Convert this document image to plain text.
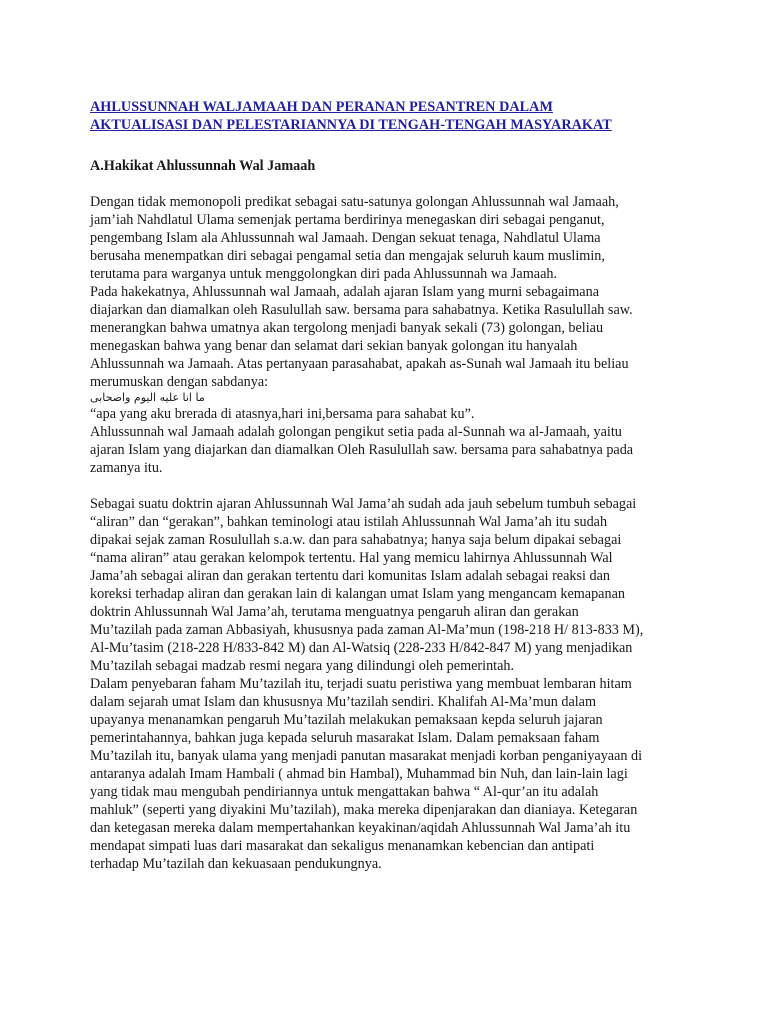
AHLUSSUNNAH WALJAMAAH DAN PERANAN PESANTREN DALAM
AKTUALISASI DAN PELESTARIANNYA DI TENGAH-TENGAH MASYARAKAT
A.Hakikat Ahlussunnah Wal Jamaah
Dengan tidak memonopoli predikat sebagai satu-satunya golongan Ahlussunnah wal Jamaah,
jam’iah Nahdlatul Ulama semenjak pertama berdirinya menegaskan diri sebagai penganut,
pengembang Islam ala Ahlussunnah wal Jamaah. Dengan sekuat tenaga, Nahdlatul Ulama
berusaha menempatkan diri sebagai pengamal setia dan mengajak seluruh kaum muslimin,
terutama para warganya untuk menggolongkan diri pada Ahlussunnah wa Jamaah.
Pada hakekatnya, Ahlussunnah wal Jamaah, adalah ajaran Islam yang murni sebagaimana
diajarkan dan diamalkan oleh Rasulullah saw. bersama para sahabatnya. Ketika Rasulullah saw.
menerangkan bahwa umatnya akan tergolong menjadi banyak sekali (73) golongan, beliau
menegaskan bahwa yang benar dan selamat dari sekian banyak golongan itu hanyalah
Ahlussunnah wa Jamaah. Atas pertanyaan parasahabat, apakah as-Sunah wal Jamaah itu beliau
merumuskan dengan sabdanya:
ما انا عليه اليوم واصحابى
“apa yang aku brerada di atasnya,hari ini,bersama para sahabat ku”.
Ahlussunnah wal Jamaah adalah golongan pengikut setia pada al-Sunnah wa al-Jamaah, yaitu
ajaran Islam yang diajarkan dan diamalkan Oleh Rasulullah saw. bersama para sahabatnya pada
zamanya itu.
Sebagai suatu doktrin ajaran Ahlussunnah Wal Jama’ah sudah ada jauh sebelum tumbuh sebagai
“aliran” dan “gerakan”, bahkan teminologi atau istilah Ahlussunnah Wal Jama’ah itu sudah
dipakai sejak zaman Rosulullah s.a.w. dan para sahabatnya; hanya saja belum dipakai sebagai
“nama aliran” atau gerakan kelompok tertentu. Hal yang memicu lahirnya Ahlussunnah Wal
Jama’ah sebagai aliran dan gerakan tertentu dari komunitas Islam adalah sebagai reaksi dan
koreksi terhadap aliran dan gerakan lain di kalangan umat Islam yang mengancam kemapanan
doktrin Ahlussunnah Wal Jama’ah, terutama menguatnya pengaruh aliran dan gerakan
Mu’tazilah pada zaman Abbasiyah, khususnya pada zaman Al-Ma’mun (198-218 H/ 813-833 M),
Al-Mu’tasim (218-228 H/833-842 M) dan Al-Watsiq (228-233 H/842-847 M) yang menjadikan
Mu’tazilah sebagai madzab resmi negara yang dilindungi oleh pemerintah.
Dalam penyebaran faham Mu’tazilah itu, terjadi suatu peristiwa yang membuat lembaran hitam
dalam sejarah umat Islam dan khususnya Mu’tazilah sendiri. Khalifah Al-Ma’mun dalam
upayanya menanamkan pengaruh Mu’tazilah melakukan pemaksaan kepda seluruh jajaran
pemerintahannya, bahkan juga kepada seluruh masarakat Islam. Dalam pemaksaan faham
Mu’tazilah itu, banyak ulama yang menjadi panutan masarakat menjadi korban penganiyayaan di
antaranya adalah Imam Hambali ( ahmad bin Hambal), Muhammad bin Nuh, dan lain-lain lagi
yang tidak mau mengubah pendiriannya untuk mengattakan bahwa “ Al-qur’an itu adalah
mahluk” (seperti yang diyakini Mu’tazilah), maka mereka dipenjarakan dan dianiaya. Ketegaran
dan ketegasan mereka dalam mempertahankan keyakinan/aqidah Ahlussunnah Wal Jama’ah itu
mendapat simpati luas dari masarakat dan sekaligus menanamkan kebencian dan antipati
terhadap Mu’tazilah dan kekuasaan pendukungnya.
